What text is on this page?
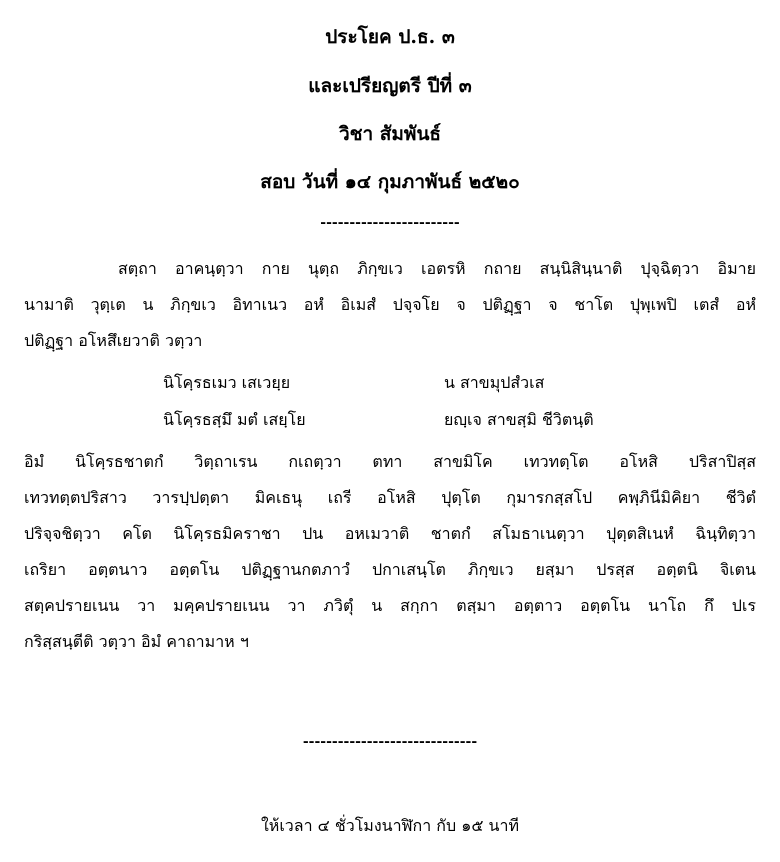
ประโยค ป.ธ. ๓
และเปรียญตรี ปีที่ ๓
วิชา สัมพันธ์
สอบ วันที่ ๑๔ กุมภาพันธ์ ๒๕๒๐
------------------------
สตฺถา อาคนฺตฺวา กาย นุตฺถ ภิกฺขเว เอตรหิ กถาย สนฺนิสินฺนาติ ปุจฺฉิตฺวา อิมาย
นามาติ วุตฺเต น ภิกฺขเว อิทาเนว อหํ อิเมสํ ปจฺจโย จ ปติฏฺฐา จ ชาโต ปุพฺเพปิ เตสํ อหํ
ปติฏฺฐา อโหสึเยวาติ วตฺวา
นิโคฺรธเมว เสเวยฺย	น สาขมุปสํวเส
นิโคฺรธสฺมึ มตํ เสยฺโย	ยญฺเจ สาขสฺมิ ชีวิตนฺติ
อิมํ นิโคฺรธชาตกํ วิตฺถาเรน กเถตฺวา ตทา สาขมิโค เทวทตฺโต อโหสิ ปริสาปิสฺส
เทวทตฺตปริสาว วารปฺปตฺตา มิคเธนุ เถรี อโหสิ ปุตฺโต กุมารกสฺสโป คพฺภินีมิคิยา ชีวิตํ
ปริจฺจชิตฺวา คโต นิโคฺรธมิคราชา ปน อหเมวาติ ชาตกํ สโมธาเนตฺวา ปุตฺตสิเนหํ ฉินฺทิตฺวา
เถริยา อตฺตนาว อตฺตโน ปติฏฺฐานกตภาวํ ปกาเสนฺโต ภิกฺขเว ยสฺมา ปรสฺส อตฺตนิ จิเตน
สตฺคปรายเนน วา มคฺคปรายเนน วา ภวิตุํ น สกฺกา ตสฺมา อตฺตาว อตฺตโน นาโถ กึ ปเร
กริสฺสนฺตีติ วตฺวา อิมํ คาถามาห ฯ
------------------------------
ให้เวลา ๔ ชั่วโมงนาฬิกา กับ ๑๕ นาที
